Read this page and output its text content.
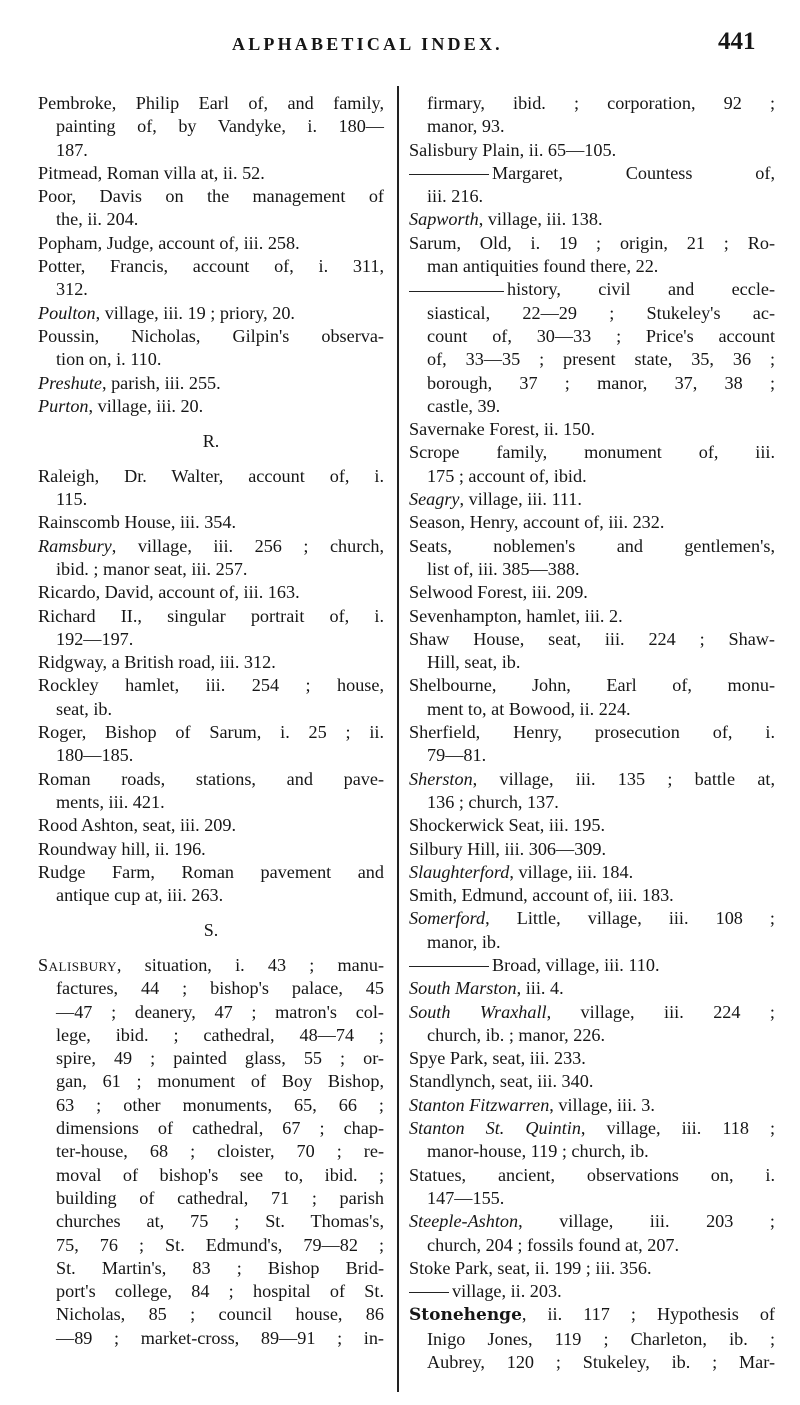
ALPHABETICAL INDEX.	441
Pembroke, Philip Earl of, and family,
painting of, by Vandyke, i. 180—
187.
Pitmead, Roman villa at, ii. 52.
Poor, Davis on the management of
the, ii. 204.
Popham, Judge, account of, iii. 258.
Potter, Francis, account of, i. 311,
312.
Poulton, village, iii. 19 ; priory, 20.
Poussin, Nicholas, Gilpin's observa-
tion on, i. 110.
Preshute, parish, iii. 255.
Purton, village, iii. 20.
R.
Raleigh, Dr. Walter, account of, i.
115.
Rainscomb House, iii. 354.
Ramsbury, village, iii. 256 ; church,
ibid. ; manor seat, iii. 257.
Ricardo, David, account of, iii. 163.
Richard II., singular portrait of, i.
192—197.
Ridgway, a British road, iii. 312.
Rockley hamlet, iii. 254 ; house,
seat, ib.
Roger, Bishop of Sarum, i. 25 ; ii.
180—185.
Roman roads, stations, and pave-
ments, iii. 421.
Rood Ashton, seat, iii. 209.
Roundway hill, ii. 196.
Rudge Farm, Roman pavement and
antique cup at, iii. 263.
S.
Salisbury, situation, i. 43 ; manu-
factures, 44 ; bishop's palace, 45
—47 ; deanery, 47 ; matron's col-
lege, ibid. ; cathedral, 48—74 ;
spire, 49 ; painted glass, 55 ; or-
gan, 61 ; monument of Boy Bishop,
63 ; other monuments, 65, 66 ;
dimensions of cathedral, 67 ; chap-
ter-house, 68 ; cloister, 70 ; re-
moval of bishop's see to, ibid. ;
building of cathedral, 71 ; parish
churches at, 75 ; St. Thomas's,
75, 76 ; St. Edmund's, 79—82 ;
St. Martin's, 83 ; Bishop Brid-
port's college, 84 ; hospital of St.
Nicholas, 85 ; council house, 86
—89 ; market-cross, 89—91 ; in-
firmary, ibid. ; corporation, 92 ;
manor, 93.
Salisbury Plain, ii. 65—105.
Margaret, Countess of,
iii. 216.
Sapworth, village, iii. 138.
Sarum, Old, i. 19 ; origin, 21 ; Ro-
man antiquities found there, 22.
history, civil and eccle-
siastical, 22—29 ; Stukeley's ac-
count of, 30—33 ; Price's account
of, 33—35 ; present state, 35, 36 ;
borough, 37 ; manor, 37, 38 ;
castle, 39.
Savernake Forest, ii. 150.
Scrope family, monument of, iii.
175 ; account of, ibid.
Seagry, village, iii. 111.
Season, Henry, account of, iii. 232.
Seats, noblemen's and gentlemen's,
list of, iii. 385—388.
Selwood Forest, iii. 209.
Sevenhampton, hamlet, iii. 2.
Shaw House, seat, iii. 224 ; Shaw-
Hill, seat, ib.
Shelbourne, John, Earl of, monu-
ment to, at Bowood, ii. 224.
Sherfield, Henry, prosecution of, i.
79—81.
Sherston, village, iii. 135 ; battle at,
136 ; church, 137.
Shockerwick Seat, iii. 195.
Silbury Hill, iii. 306—309.
Slaughterford, village, iii. 184.
Smith, Edmund, account of, iii. 183.
Somerford, Little, village, iii. 108 ;
manor, ib.
Broad, village, iii. 110.
South Marston, iii. 4.
South Wraxhall, village, iii. 224 ;
church, ib. ; manor, 226.
Spye Park, seat, iii. 233.
Standlynch, seat, iii. 340.
Stanton Fitzwarren, village, iii. 3.
Stanton St. Quintin, village, iii. 118 ;
manor-house, 119 ; church, ib.
Statues, ancient, observations on, i.
147—155.
Steeple-Ashton, village, iii. 203 ;
church, 204 ; fossils found at, 207.
Stoke Park, seat, ii. 199 ; iii. 356.
village, ii. 203.
Stonehenge, ii. 117 ; Hypothesis of
Inigo Jones, 119 ; Charleton, ib. ;
Aubrey, 120 ; Stukeley, ib. ; Mar-
